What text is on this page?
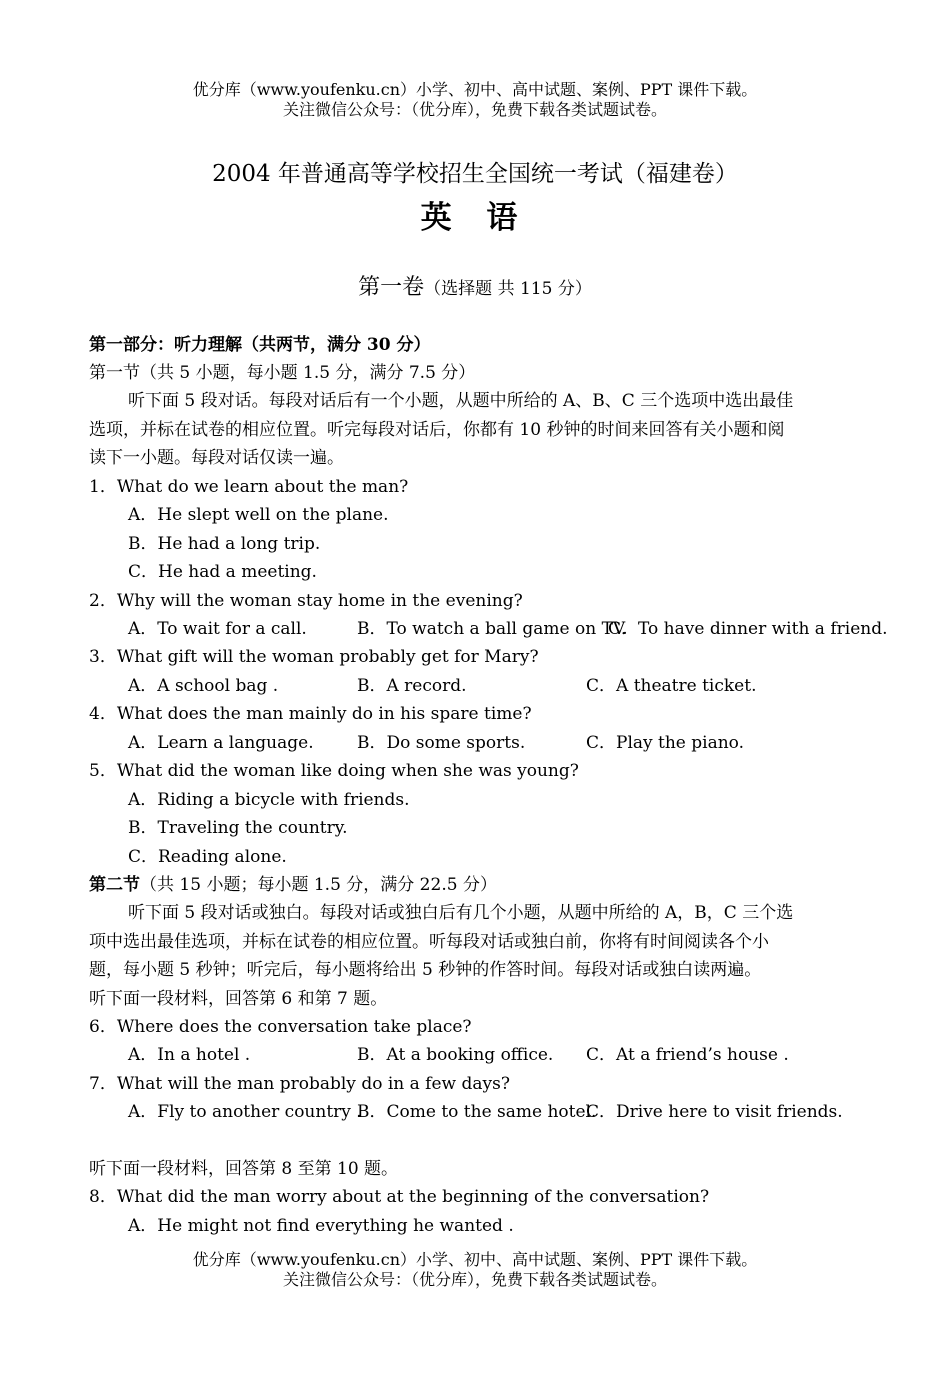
优分库（www.youfenku.cn）小学、初中、高中试题、案例、PPT 课件下载。
关注微信公众号：（优分库），免费下载各类试题试卷。
2004 年普通高等学校招生全国统一考试（福建卷）
英 语
第一卷（选择题 共 115 分）
第一部分：听力理解（共两节，满分 30 分）
第一节（共 5 小题，每小题 1.5 分，满分 7.5 分）
听下面 5 段对话。每段对话后有一个小题，从题中所给的 A、B、C 三个选项中选出最佳
选项，并标在试卷的相应位置。听完每段对话后，你都有 10 秒钟的时间来回答有关小题和阅
读下一小题。每段对话仅读一遍。
1．What do we learn about the man?
A．He slept well on the plane.
B．He had a long trip.
C．He had a meeting.
2．Why will the woman stay home in the evening?
A．To wait for a call.	B．To watch a ball game on TV.
C．To have dinner with a friend.
3．What gift will the woman probably get for Mary?
A．A school bag .	B．A record.	C．A theatre ticket.
4．What does the man mainly do in his spare time?
A．Learn a language.	B．Do some sports.	C．Play the piano.
5．What did the woman like doing when she was young?
A．Riding a bicycle with friends.
B．Traveling the country.
C．Reading alone.
第二节（共 15 小题；每小题 1.5 分，满分 22.5 分）
听下面 5 段对话或独白。每段对话或独白后有几个小题，从题中所给的 A，B，C 三个选
项中选出最佳选项，并标在试卷的相应位置。听每段对话或独白前，你将有时间阅读各个小
题，每小题 5 秒钟；听完后，每小题将给出 5 秒钟的作答时间。每段对话或独白读两遍。
听下面一段材料，回答第 6 和第 7 题。
6．Where does the conversation take place?
A．In a hotel .	B．At a booking office. C．At a friend’s house .
7．What will the man probably do in a few days?
A．Fly to another country .
B．Come to the same hotel.
C．Drive here to visit friends.
听下面一段材料，回答第 8 至第 10 题。
8．What did the man worry about at the beginning of the conversation?
A．He might not find everything he wanted .
优分库（www.youfenku.cn）小学、初中、高中试题、案例、PPT 课件下载。
关注微信公众号：（优分库），免费下载各类试题试卷。
